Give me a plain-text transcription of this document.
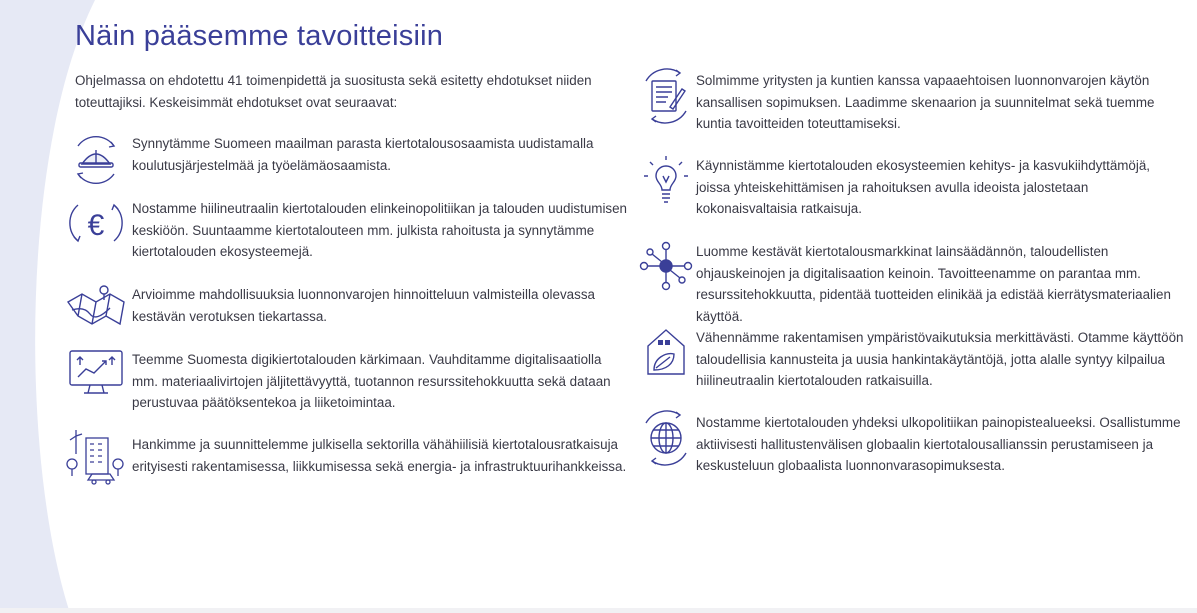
Näin pääsemme tavoitteisiin

Ohjelmassa on ehdotettu 41 toimenpidettä ja suositusta sekä esitetty ehdotukset niiden toteuttajiksi. Keskeisimmät ehdotukset ovat seuraavat:

Synnytämme Suomeen maailman parasta kiertotalousosaamista uudistamalla koulutusjärjestelmää ja työelämäosaamista.

€

Nostamme hiilineutraalin kiertotalouden elinkeinopolitiikan ja talouden uudistumisen keskiöön. Suuntaamme kiertotalouteen mm. julkista rahoitusta ja synnytämme kiertotalouden ekosysteemejä.

Arvioimme mahdollisuuksia luonnonvarojen hinnoitteluun valmisteilla olevassa kestävän verotuksen tiekartassa.

Teemme Suomesta digikiertotalouden kärkimaan. Vauhditamme digitalisaatiolla mm. materiaalivirtojen jäljitettävyyttä, tuotannon resurssitehokkuutta sekä dataan perustuvaa päätöksentekoa ja liiketoimintaa.

Hankimme ja suunnittelemme julkisella sektorilla vähähiilisiä kiertotalousratkaisuja erityisesti rakentamisessa, liikkumisessa sekä energia- ja infrastruktuurihankkeissa.

Solmimme yritysten ja kuntien kanssa vapaaehtoisen luonnonvarojen käytön kansallisen sopimuksen. Laadimme skenaarion ja suunnitelmat sekä tuemme kuntia tavoitteiden toteuttamiseksi.

Käynnistämme kiertotalouden ekosysteemien kehitys- ja kasvukiihdyttämöjä, joissa yhteiskehittämisen ja rahoituksen avulla ideoista jalostetaan kokonaisvaltaisia ratkaisuja.

Luomme kestävät kiertotalousmarkkinat lainsäädännön, taloudellisten ohjauskeinojen ja digitalisaation keinoin. Tavoitteenamme on parantaa mm. resurssitehokkuutta, pidentää tuotteiden elinikää ja edistää kierrätysmateriaalien käyttöä.

Vähennämme rakentamisen ympäristövaikutuksia merkittävästi. Otamme käyttöön taloudellisia kannusteita ja uusia hankintakäytäntöjä, jotta alalle syntyy kilpailua hiilineutraalin kiertotalouden ratkaisuilla.

Nostamme kiertotalouden yhdeksi ulkopolitiikan painopistealueeksi. Osallistumme aktiivisesti hallitustenvälisen globaalin kiertotalousallianssin perustamiseen ja keskusteluun globaalista luonnonvarasopimuksesta.
